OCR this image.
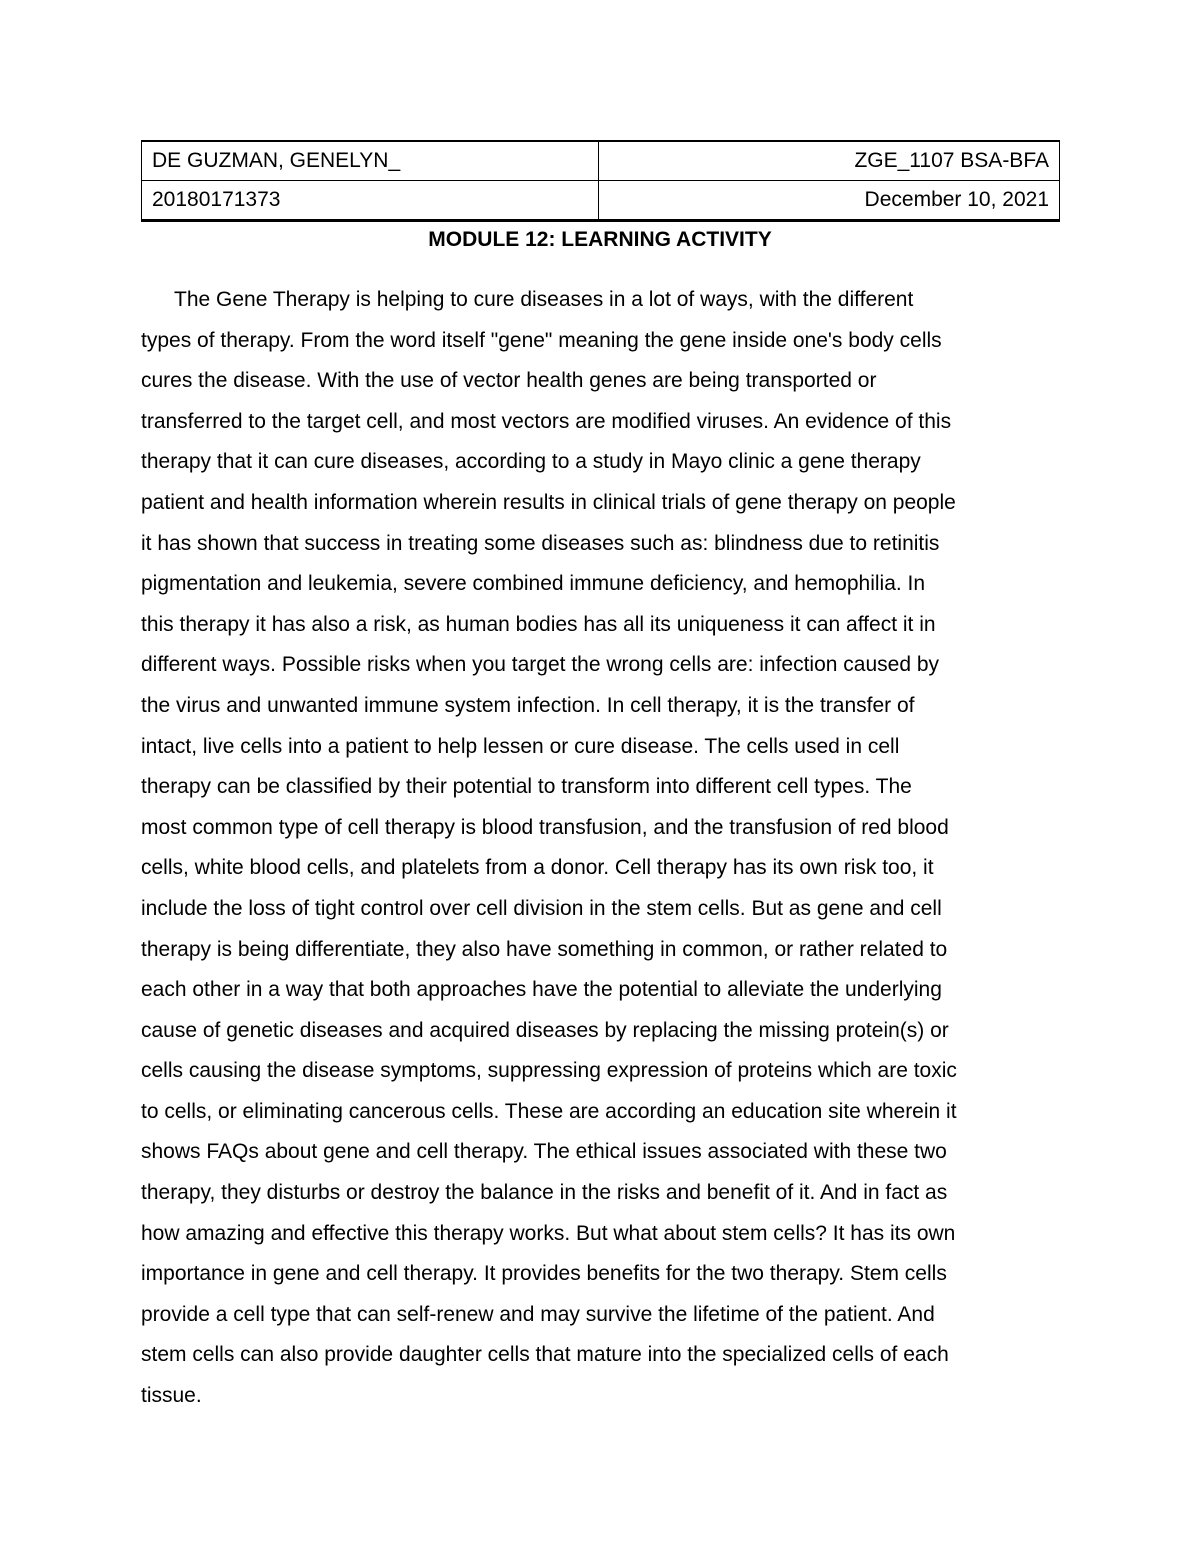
DE GUZMAN, GENELYN_	ZGE_1107 BSA-BFA
20180171373	December 10, 2021
MODULE 12: LEARNING ACTIVITY
The Gene Therapy is helping to cure diseases in a lot of ways, with the different
types of therapy. From the word itself "gene" meaning the gene inside one's body cells
cures the disease. With the use of vector health genes are being transported or
transferred to the target cell, and most vectors are modified viruses. An evidence of this
therapy that it can cure diseases, according to a study in Mayo clinic a gene therapy
patient and health information wherein results in clinical trials of gene therapy on people
it has shown that success in treating some diseases such as: blindness due to retinitis
pigmentation and leukemia, severe combined immune deficiency, and hemophilia. In
this therapy it has also a risk, as human bodies has all its uniqueness it can affect it in
different ways. Possible risks when you target the wrong cells are: infection caused by
the virus and unwanted immune system infection. In cell therapy, it is the transfer of
intact, live cells into a patient to help lessen or cure disease. The cells used in cell
therapy can be classified by their potential to transform into different cell types. The
most common type of cell therapy is blood transfusion, and the transfusion of red blood
cells, white blood cells, and platelets from a donor. Cell therapy has its own risk too, it
include the loss of tight control over cell division in the stem cells. But as gene and cell
therapy is being differentiate, they also have something in common, or rather related to
each other in a way that both approaches have the potential to alleviate the underlying
cause of genetic diseases and acquired diseases by replacing the missing protein(s) or
cells causing the disease symptoms, suppressing expression of proteins which are toxic
to cells, or eliminating cancerous cells. These are according an education site wherein it
shows FAQs about gene and cell therapy. The ethical issues associated with these two
therapy, they disturbs or destroy the balance in the risks and benefit of it. And in fact as
how amazing and effective this therapy works. But what about stem cells? It has its own
importance in gene and cell therapy. It provides benefits for the two therapy. Stem cells
provide a cell type that can self-renew and may survive the lifetime of the patient. And
stem cells can also provide daughter cells that mature into the specialized cells of each
tissue.
